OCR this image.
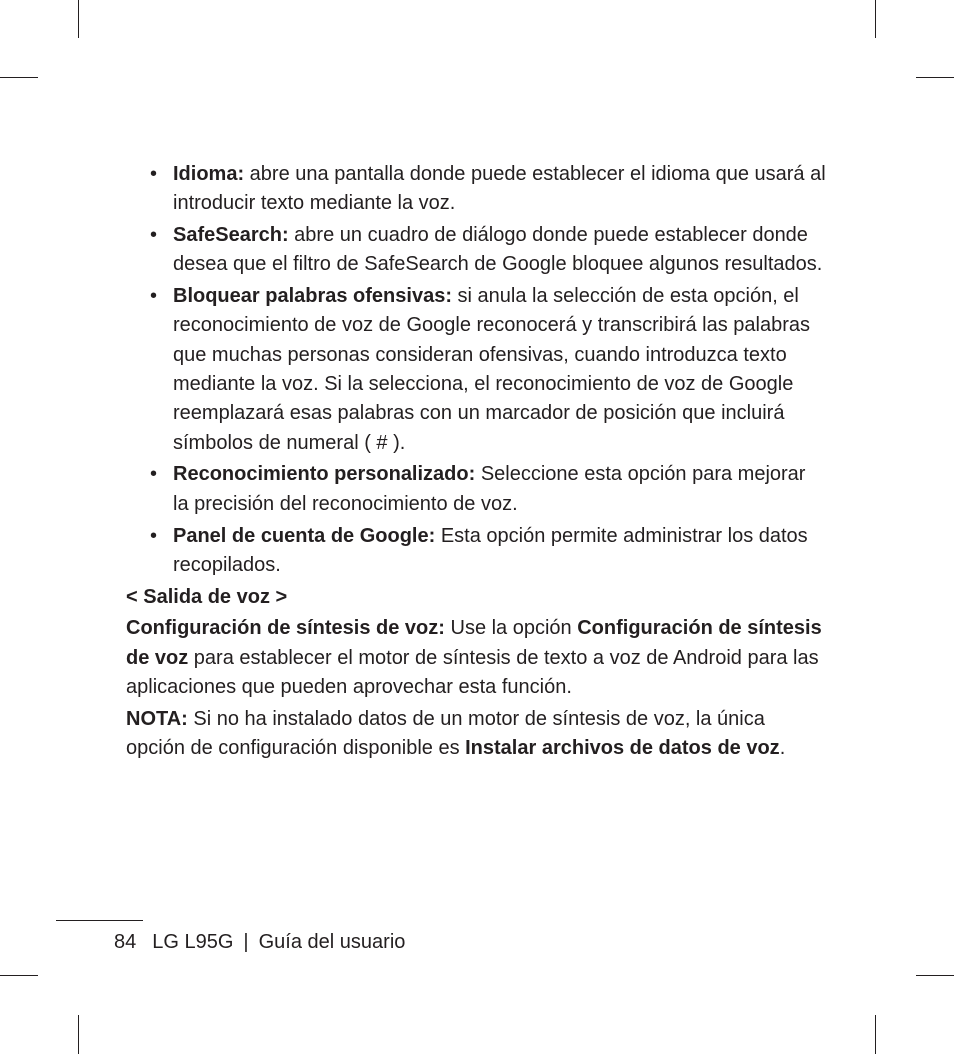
• Idioma: abre una pantalla donde puede establecer el idioma que usará al introducir texto mediante la voz.
• SafeSearch: abre un cuadro de diálogo donde puede establecer donde desea que el filtro de SafeSearch de Google bloquee algunos resultados.
• Bloquear palabras ofensivas: si anula la selección de esta opción, el reconocimiento de voz de Google reconocerá y transcribirá las palabras que muchas personas consideran ofensivas, cuando introduzca texto mediante la voz. Si la selecciona, el reconocimiento de voz de Google reemplazará esas palabras con un marcador de posición que incluirá símbolos de numeral ( # ).
• Reconocimiento personalizado: Seleccione esta opción para mejorar la precisión del reconocimiento de voz.
• Panel de cuenta de Google: Esta opción permite administrar los datos recopilados.

< Salida de voz >

Configuración de síntesis de voz: Use la opción Configuración de síntesis de voz para establecer el motor de síntesis de texto a voz de Android para las aplicaciones que pueden aprovechar esta función.

NOTA: Si no ha instalado datos de un motor de síntesis de voz, la única opción de configuración disponible es Instalar archivos de datos de voz.

84 LG L95G | Guía del usuario
